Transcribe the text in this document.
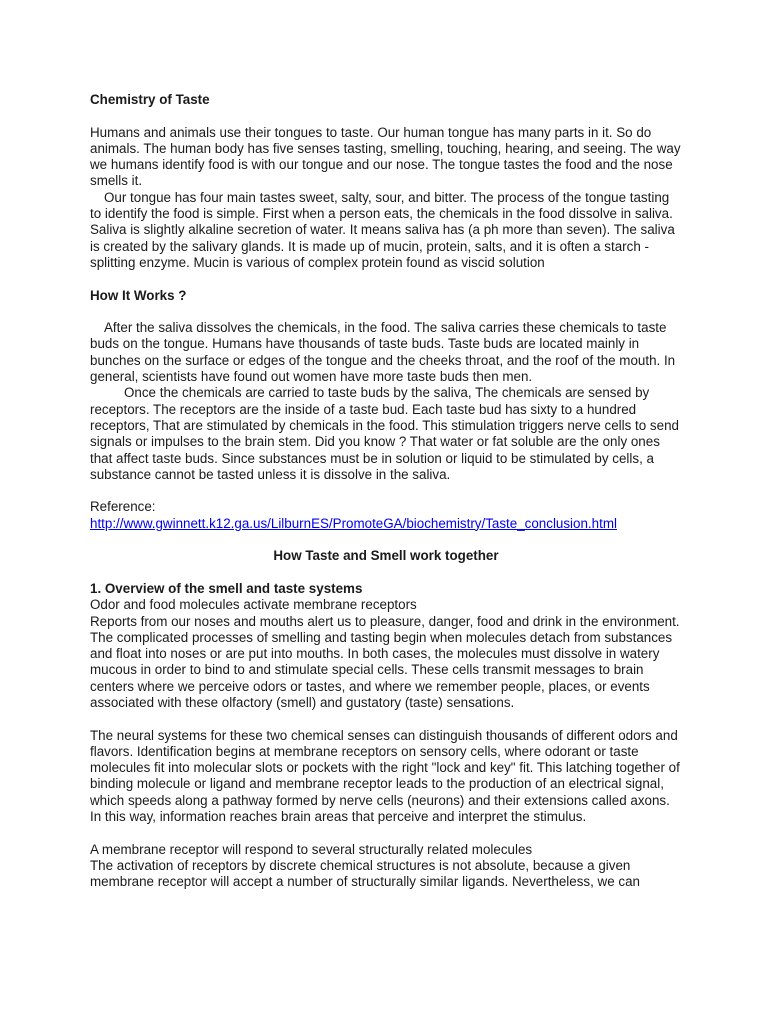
Chemistry of Taste

Humans and animals use their tongues to taste. Our human tongue has many parts in it. So do animals. The human body has five senses tasting, smelling, touching, hearing, and seeing. The way we humans identify food is with our tongue and our nose. The tongue tastes the food and the nose smells it.

Our tongue has four main tastes sweet, salty, sour, and bitter. The process of the tongue tasting to identify the food is simple. First when a person eats, the chemicals in the food dissolve in saliva. Saliva is slightly alkaline secretion of water. It means saliva has (a ph more than seven). The saliva is created by the salivary glands. It is made up of mucin, protein, salts, and it is often a starch - splitting enzyme. Mucin is various of complex protein found as viscid solution

How It Works ?

After the saliva dissolves the chemicals, in the food. The saliva carries these chemicals to taste buds on the tongue. Humans have thousands of taste buds. Taste buds are located mainly in bunches on the surface or edges of the tongue and the cheeks throat, and the roof of the mouth. In general, scientists have found out women have more taste buds then men.

Once the chemicals are carried to taste buds by the saliva, The chemicals are sensed by receptors. The receptors are the inside of a taste bud. Each taste bud has sixty to a hundred receptors, That are stimulated by chemicals in the food. This stimulation triggers nerve cells to send signals or impulses to the brain stem. Did you know ? That water or fat soluble are the only ones that affect taste buds. Since substances must be in solution or liquid to be stimulated by cells, a substance cannot be tasted unless it is dissolve in the saliva.

Reference:

http://www.gwinnett.k12.ga.us/LilburnES/PromoteGA/biochemistry/Taste_conclusion.html

How Taste and Smell work together

1. Overview of the smell and taste systems

Odor and food molecules activate membrane receptors

Reports from our noses and mouths alert us to pleasure, danger, food and drink in the environment. The complicated processes of smelling and tasting begin when molecules detach from substances and float into noses or are put into mouths. In both cases, the molecules must dissolve in watery mucous in order to bind to and stimulate special cells. These cells transmit messages to brain centers where we perceive odors or tastes, and where we remember people, places, or events associated with these olfactory (smell) and gustatory (taste) sensations.

The neural systems for these two chemical senses can distinguish thousands of different odors and flavors. Identification begins at membrane receptors on sensory cells, where odorant or taste molecules fit into molecular slots or pockets with the right "lock and key" fit. This latching together of binding molecule or ligand and membrane receptor leads to the production of an electrical signal, which speeds along a pathway formed by nerve cells (neurons) and their extensions called axons. In this way, information reaches brain areas that perceive and interpret the stimulus.

A membrane receptor will respond to several structurally related molecules

The activation of receptors by discrete chemical structures is not absolute, because a given membrane receptor will accept a number of structurally similar ligands. Nevertheless, we can
